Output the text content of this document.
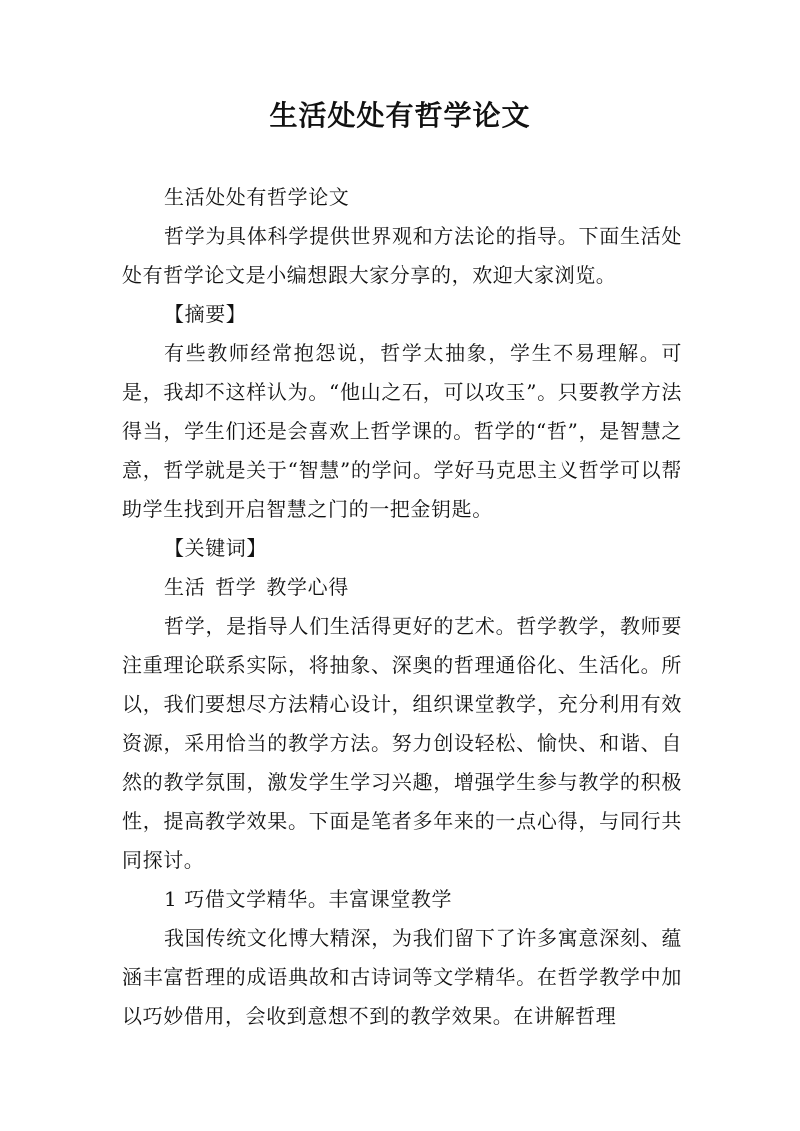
生活处处有哲学论文

生活处处有哲学论文

哲学为具体科学提供世界观和方法论的指导。下面生活处处有哲学论文是小编想跟大家分享的，欢迎大家浏览。

【摘要】

有些教师经常抱怨说，哲学太抽象，学生不易理解。可是，我却不这样认为。“他山之石，可以攻玉”。只要教学方法得当，学生们还是会喜欢上哲学课的。哲学的“哲”，是智慧之意，哲学就是关于“智慧”的学问。学好马克思主义哲学可以帮助学生找到开启智慧之门的一把金钥匙。

【关键词】

生活 哲学 教学心得

哲学，是指导人们生活得更好的艺术。哲学教学，教师要注重理论联系实际，将抽象、深奥的哲理通俗化、生活化。所以，我们要想尽方法精心设计，组织课堂教学，充分利用有效资源，采用恰当的教学方法。努力创设轻松、愉快、和谐、自然的教学氛围，激发学生学习兴趣，增强学生参与教学的积极性，提高教学效果。下面是笔者多年来的一点心得，与同行共同探讨。

1 巧借文学精华。丰富课堂教学

我国传统文化博大精深，为我们留下了许多寓意深刻、蕴涵丰富哲理的成语典故和古诗词等文学精华。在哲学教学中加以巧妙借用，会收到意想不到的教学效果。在讲解哲理
